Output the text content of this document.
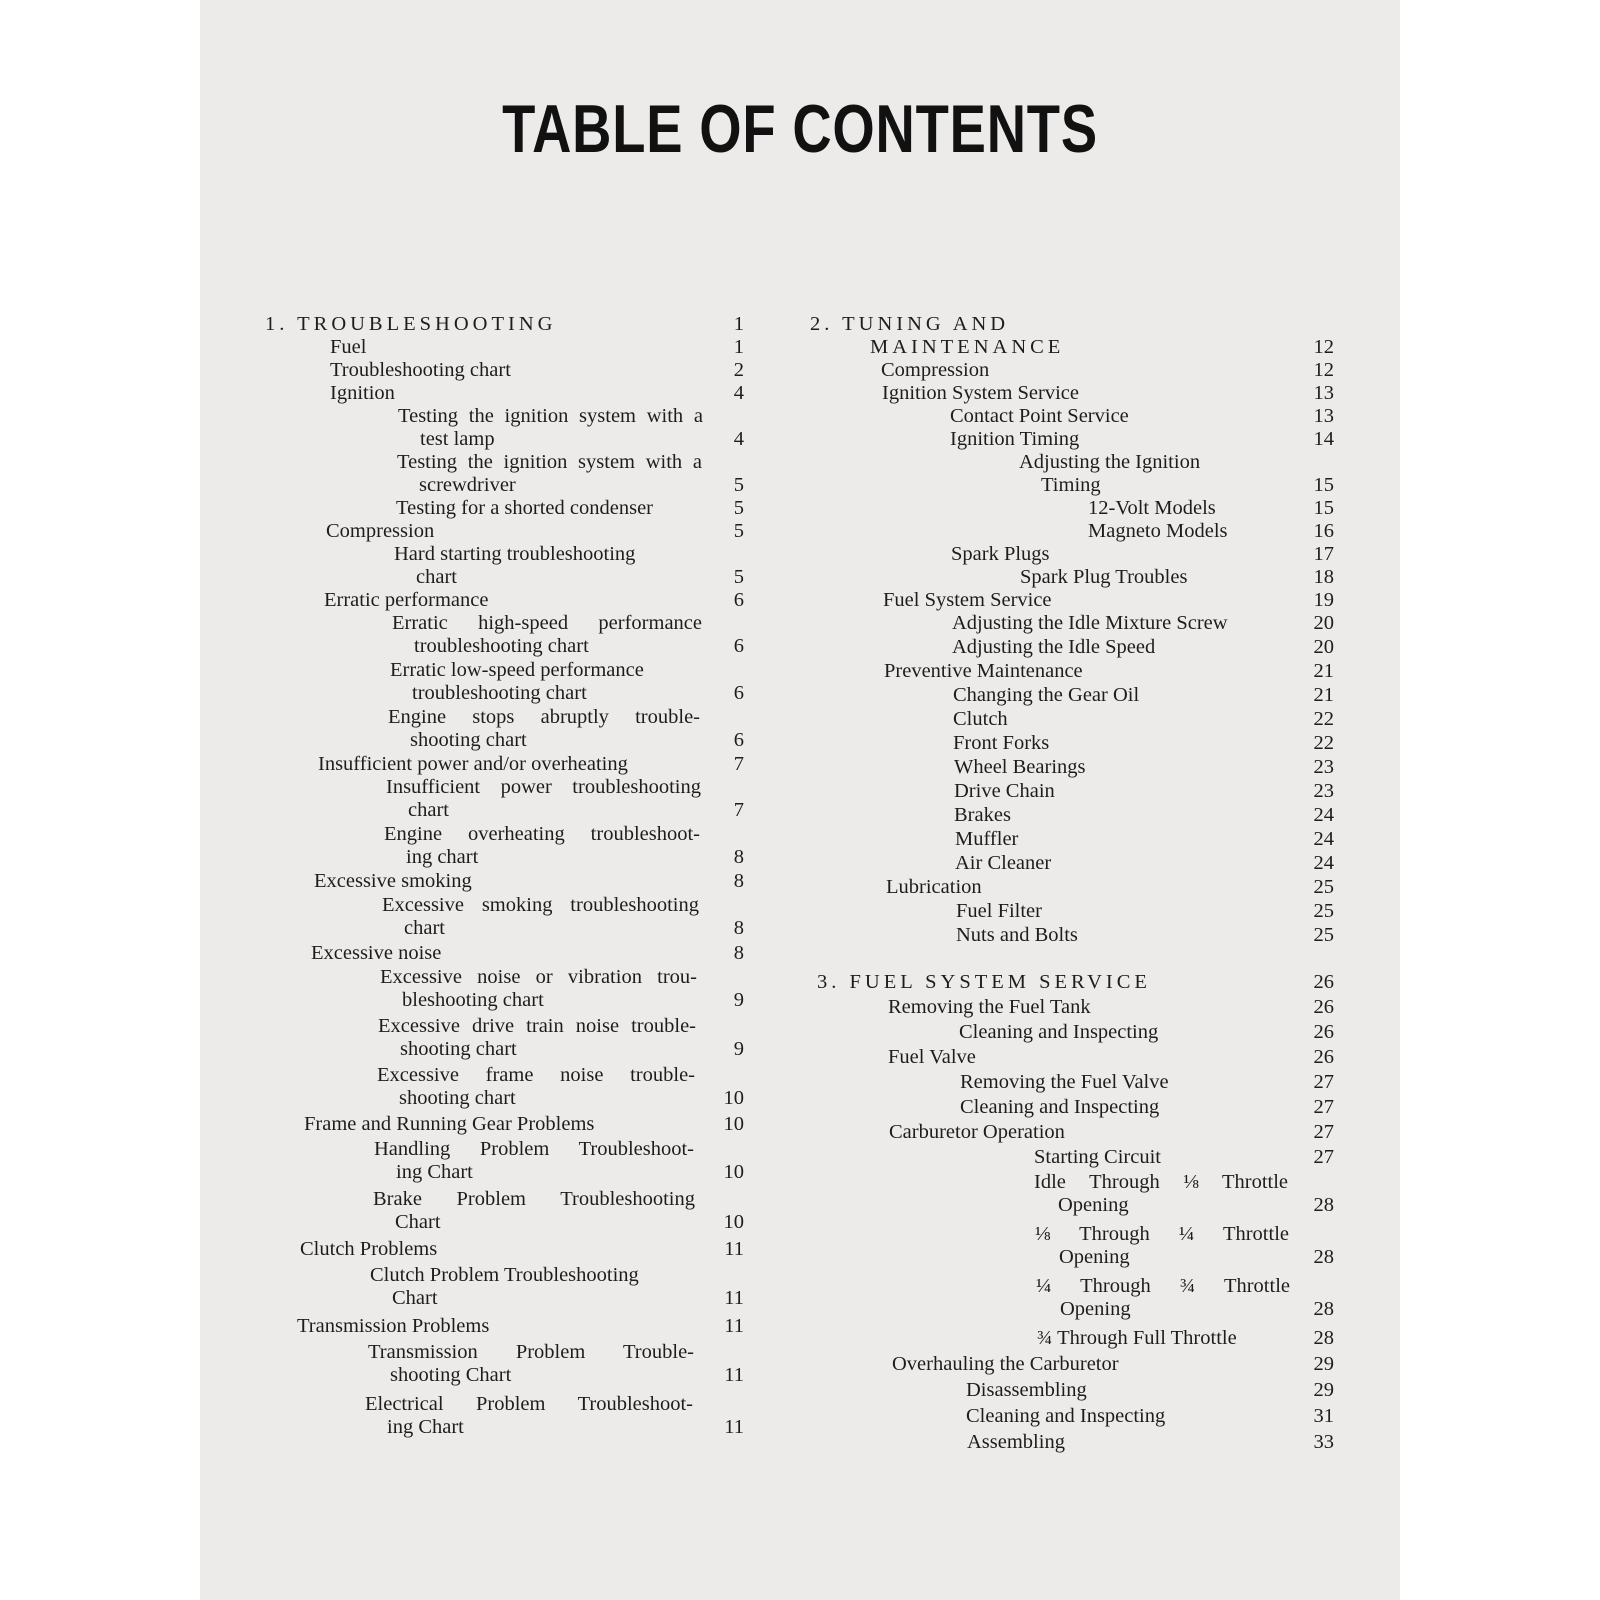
TABLE OF CONTENTS
1. TROUBLESHOOTING	1
Fuel	1
Troubleshooting chart	2
Ignition	4
Testing the ignition system with a
test lamp	4
Testing the ignition system with a
screwdriver	5
Testing for a shorted condenser	5
Compression	5
Hard starting troubleshooting
chart	5
Erratic performance	6
Erratic high-speed performance
troubleshooting chart	6
Erratic low-speed performance
troubleshooting chart	6
Engine stops abruptly trouble-
shooting chart	6
Insufficient power and/or overheating	7
Insufficient power troubleshooting
chart	7
Engine overheating troubleshoot-
ing chart	8
Excessive smoking	8
Excessive smoking troubleshooting
chart	8
Excessive noise	8
Excessive noise or vibration trou-
bleshooting chart	9
Excessive drive train noise trouble-
shooting chart	9
Excessive frame noise trouble-
shooting chart	10
Frame and Running Gear Problems	10
Handling Problem Troubleshoot-
ing Chart	10
Brake Problem Troubleshooting
Chart	10
Clutch Problems	11
Clutch Problem Troubleshooting
Chart	11
Transmission Problems	11
Transmission Problem Trouble-
shooting Chart	11
Electrical Problem Troubleshoot-
ing Chart	11
2. TUNING AND
MAINTENANCE	12
Compression	12
Ignition System Service	13
Contact Point Service	13
Ignition Timing	14
Adjusting the Ignition
Timing	15
12-Volt Models	15
Magneto Models	16
Spark Plugs	17
Spark Plug Troubles	18
Fuel System Service	19
Adjusting the Idle Mixture Screw	20
Adjusting the Idle Speed	20
Preventive Maintenance	21
Changing the Gear Oil	21
Clutch	22
Front Forks	22
Wheel Bearings	23
Drive Chain	23
Brakes	24
Muffler	24
Air Cleaner	24
Lubrication	25
Fuel Filter	25
Nuts and Bolts	25
3. FUEL SYSTEM SERVICE	26
Removing the Fuel Tank	26
Cleaning and Inspecting	26
Fuel Valve	26
Removing the Fuel Valve	27
Cleaning and Inspecting	27
Carburetor Operation	27
Starting Circuit	27
Idle Through ⅛ Throttle
Opening	28
⅛ Through ¼ Throttle
Opening	28
¼ Through ¾ Throttle
Opening	28
¾ Through Full Throttle	28
Overhauling the Carburetor	29
Disassembling	29
Cleaning and Inspecting	31
Assembling	33
